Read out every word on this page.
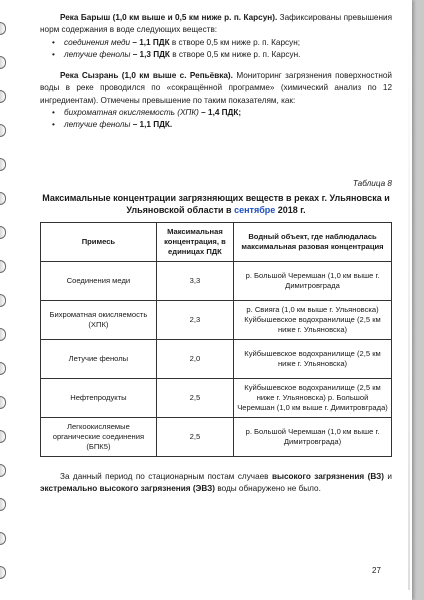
Река Барыш (1,0 км выше и 0,5 км ниже р. п. Карсун). Зафиксированы превышения норм содержания в воде следующих веществ:

• соединения меди – 1,1 ПДК в створе 0,5 км ниже р. п. Карсун;

• летучие фенолы – 1,3 ПДК в створе 0,5 км ниже р. п. Карсун.

Река Сызрань (1,0 км выше с. Репьёвка). Мониторинг загрязнения поверхностной воды в реке проводился по «сокращённой программе» (химический анализ по 12 ингредиентам). Отмечены превышение по таким показателям, как:

• бихроматная окисляемость (ХПК) – 1,4 ПДК;

• летучие фенолы – 1,1 ПДК.

Таблица 8

Максимальные концентрации загрязняющих веществ в реках г. Ульяновска и Ульяновской области в сентябре 2018 г.

Примесь	Максимальная концентрация, в единицах ПДК	Водный объект, где наблюдалась максимальная разовая концентрация
Соединения меди	3,3	р. Большой Черемшан (1,0 км выше г. Димитровграда
Бихроматная окисляемость (ХПК)	2,3	р. Свияга (1,0 км выше г. Ульяновска) Куйбышевское водохранилище (2,5 км ниже г. Ульяновска)
Летучие фенолы	2,0	Куйбышевское водохранилище (2,5 км ниже г. Ульяновска)
Нефтепродукты	2,5	Куйбышевское водохранилище (2,5 км ниже г. Ульяновска) р. Большой Черемшан (1,0 км выше г. Димитровграда)
Легкоокисляемые органические соединения (БПК5)	2,5	р. Большой Черемшан (1,0 км выше г. Димитровграда)

За данный период по стационарным постам случаев высокого загрязнения (ВЗ) и экстремально высокого загрязнения (ЭВЗ) воды обнаружено не было.

27
